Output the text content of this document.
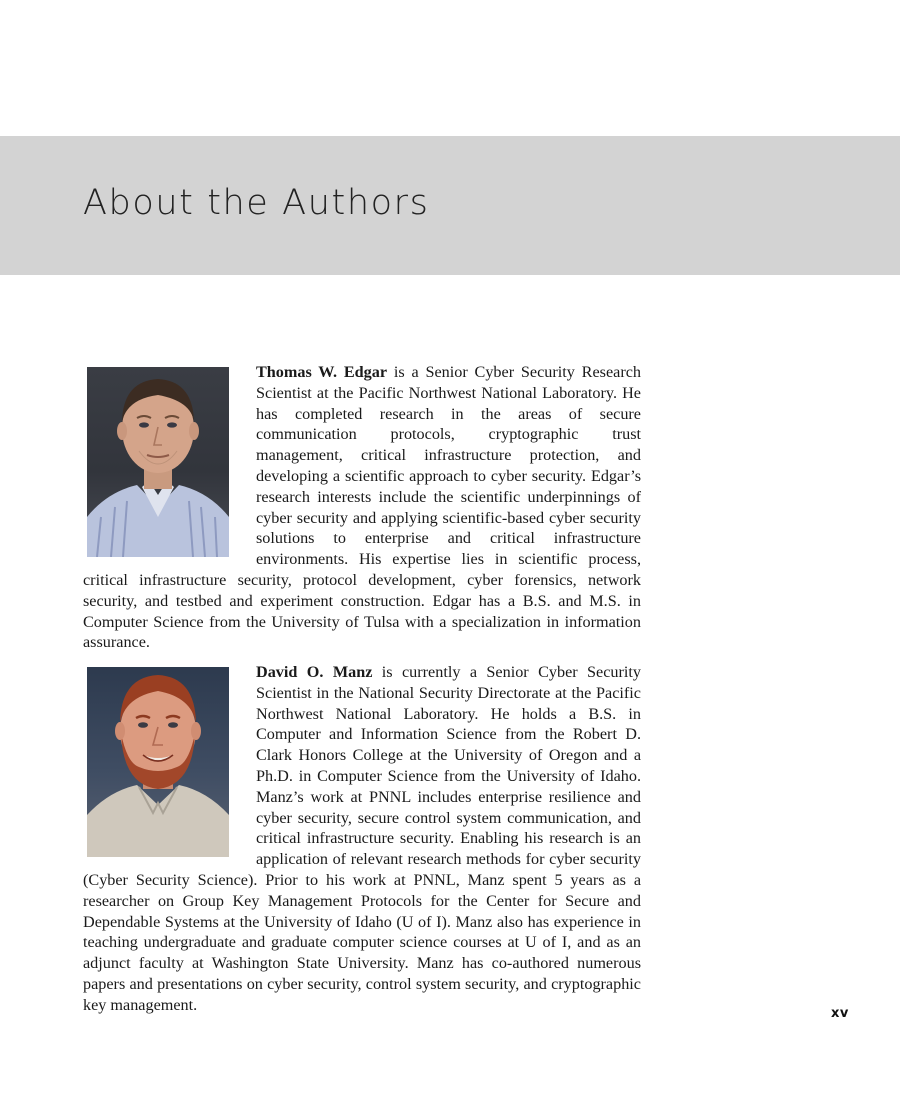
About the Authors

Thomas W. Edgar is a Senior Cyber Security Research Scientist at the Pacific Northwest National Laboratory. He has completed research in the areas of secure communication protocols, cryptographic trust management, critical infrastructure protection, and developing a scientific approach to cyber security. Edgar’s research interests include the scientific underpinnings of cyber security and applying scientific-based cyber security solutions to enterprise and critical infrastructure environments. His expertise lies in scientific process, critical infrastructure security, protocol development, cyber forensics, network security, and testbed and experiment construction. Edgar has a B.S. and M.S. in Computer Science from the University of Tulsa with a specialization in information assurance.

David O. Manz is currently a Senior Cyber Security Scientist in the National Security Directorate at the Pacific Northwest National Laboratory. He holds a B.S. in Computer and Information Science from the Robert D. Clark Honors College at the University of Oregon and a Ph.D. in Computer Science from the University of Idaho. Manz’s work at PNNL includes enterprise resilience and cyber security, secure control system communication, and critical infrastructure security. Enabling his research is an application of relevant research methods for cyber security (Cyber Security Science). Prior to his work at PNNL, Manz spent 5 years as a researcher on Group Key Management Protocols for the Center for Secure and Dependable Systems at the University of Idaho (U of I). Manz also has experience in teaching undergraduate and graduate computer science courses at U of I, and as an adjunct faculty at Washington State University. Manz has co-authored numerous papers and presentations on cyber security, control system security, and cryptographic key management.	xv
